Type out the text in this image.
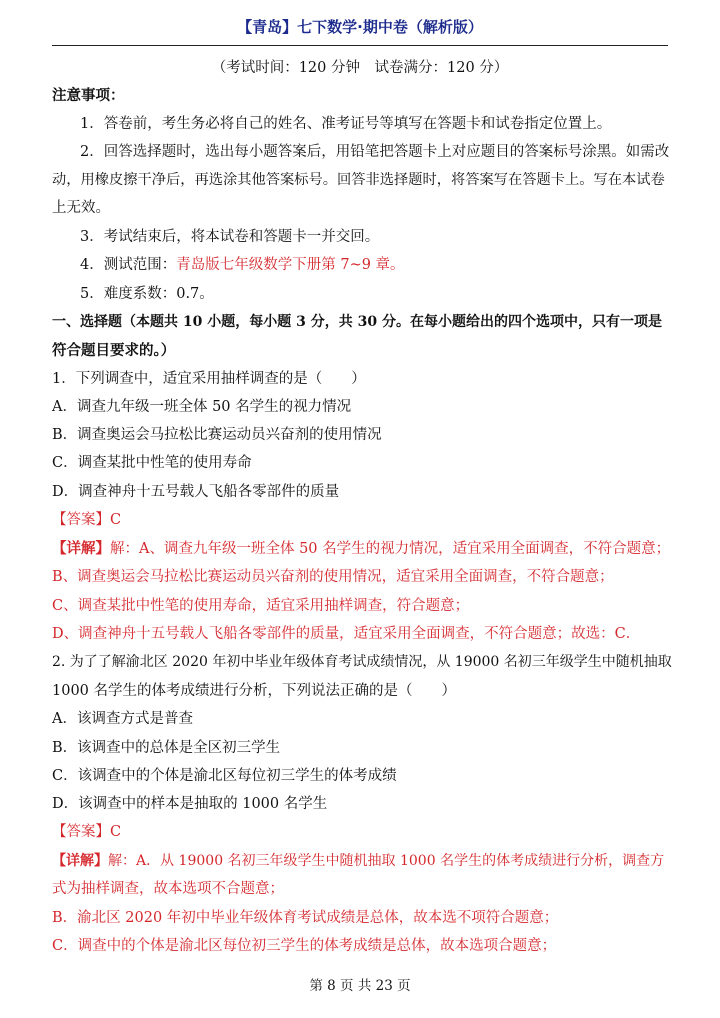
【青岛】七下数学·期中卷（解析版）
（考试时间：120 分钟　试卷满分：120 分）
注意事项：
1．答卷前，考生务必将自己的姓名、准考证号等填写在答题卡和试卷指定位置上。
2．回答选择题时，选出每小题答案后，用铅笔把答题卡上对应题目的答案标号涂黑。如需改
动，用橡皮擦干净后，再选涂其他答案标号。回答非选择题时，将答案写在答题卡上。写在本试卷
上无效。
3．考试结束后，将本试卷和答题卡一并交回。
4．测试范围：青岛版七年级数学下册第 7~9 章。
5．难度系数：0.7。
一、选择题（本题共 10 小题，每小题 3 分，共 30 分。在每小题给出的四个选项中，只有一项是
符合题目要求的。）
1．下列调查中，适宜采用抽样调查的是（　　）
A．调查九年级一班全体 50 名学生的视力情况
B．调查奥运会马拉松比赛运动员兴奋剂的使用情况
C．调查某批中性笔的使用寿命
D．调查神舟十五号载人飞船各零部件的质量
【答案】C
【详解】解：A、调查九年级一班全体 50 名学生的视力情况，适宜采用全面调查，不符合题意；
B、调查奥运会马拉松比赛运动员兴奋剂的使用情况，适宜采用全面调查，不符合题意；
C、调查某批中性笔的使用寿命，适宜采用抽样调查，符合题意；
D、调查神舟十五号载人飞船各零部件的质量，适宜采用全面调查，不符合题意；故选：C．
2. 为了了解渝北区 2020 年初中毕业年级体育考试成绩情况，从 19000 名初三年级学生中随机抽取
1000 名学生的体考成绩进行分析，下列说法正确的是（　　）
A．该调查方式是普查
B．该调查中的总体是全区初三学生
C．该调查中的个体是渝北区每位初三学生的体考成绩
D．该调查中的样本是抽取的 1000 名学生
【答案】C
【详解】解：A．从 19000 名初三年级学生中随机抽取 1000 名学生的体考成绩进行分析，调查方
式为抽样调查，故本选项不合题意；
B．渝北区 2020 年初中毕业年级体育考试成绩是总体，故本选不项符合题意；
C．调查中的个体是渝北区每位初三学生的体考成绩是总体，故本选项合题意；
第 8 页 共 23 页
